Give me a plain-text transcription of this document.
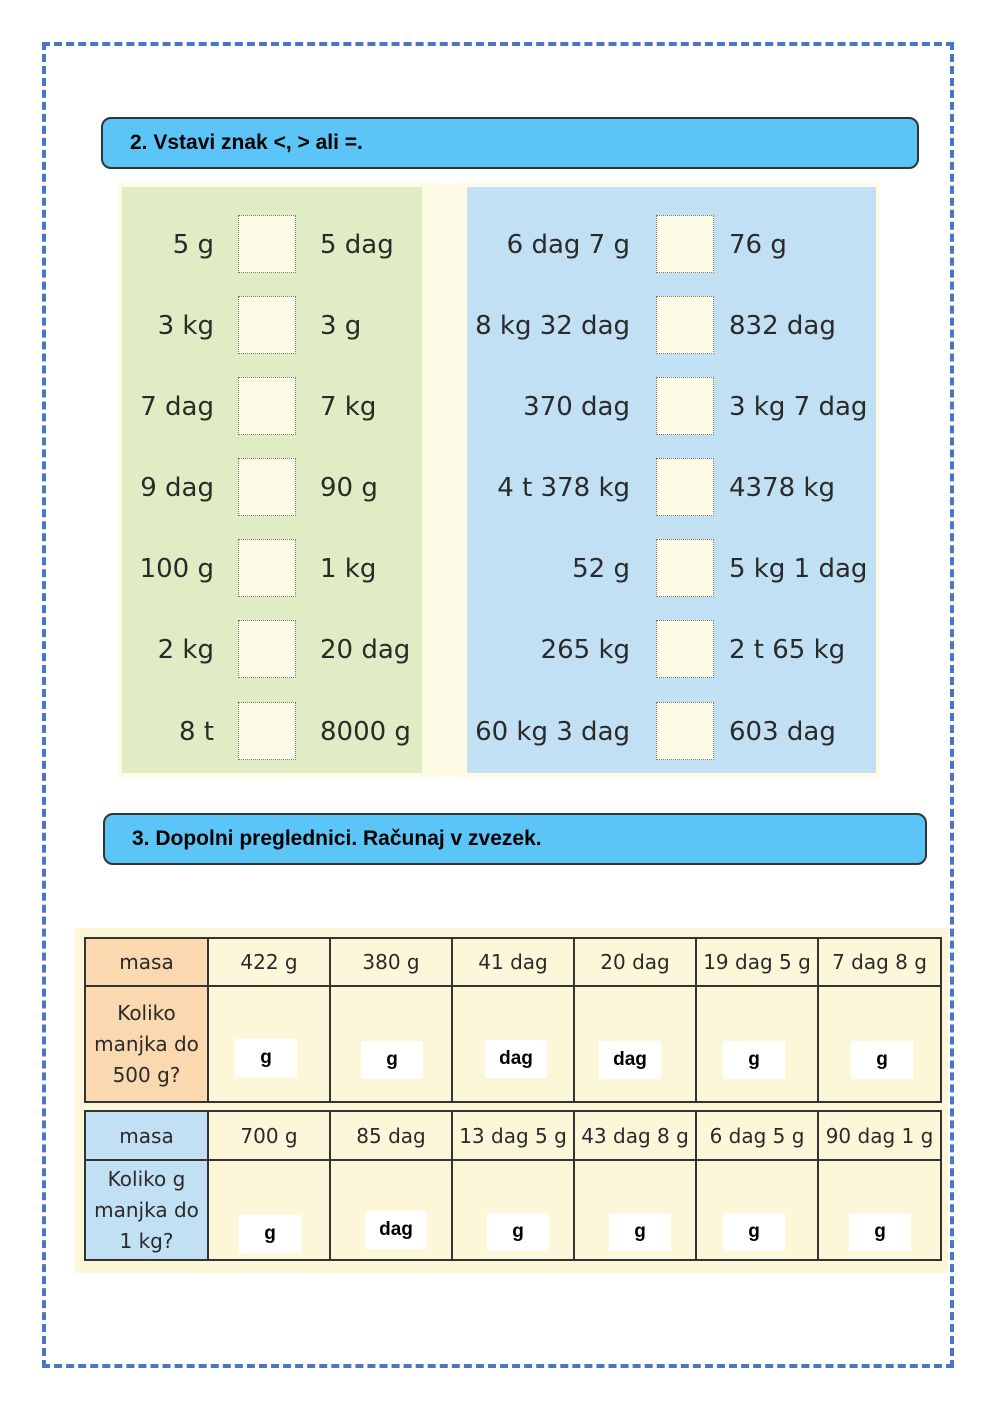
2. Vstavi znak <, > ali =.
5 g	5 dag
3 kg	3 g
7 dag	7 kg
9 dag	90 g
100 g	1 kg
2 kg	20 dag
8 t	8000 g
6 dag 7 g	76 g
8 kg 32 dag	832 dag
370 dag	3 kg 7 dag
4 t 378 kg	4378 kg
52 g	5 kg 1 dag
265 kg	2 t 65 kg
60 kg 3 dag	603 dag
3. Dopolni preglednici. Računaj v zvezek.
masa	422 g	380 g	41 dag	20 dag	19 dag 5 g	7 dag 8 g

Koliko
manjka do
500 g?	g	g	dag	dag	g	g
masa	700 g	85 dag	13 dag 5 g	43 dag 8 g	6 dag 5 g	90 dag 1 g

Koliko g
manjka do
1 kg?	g	dag	g	g	g	g
